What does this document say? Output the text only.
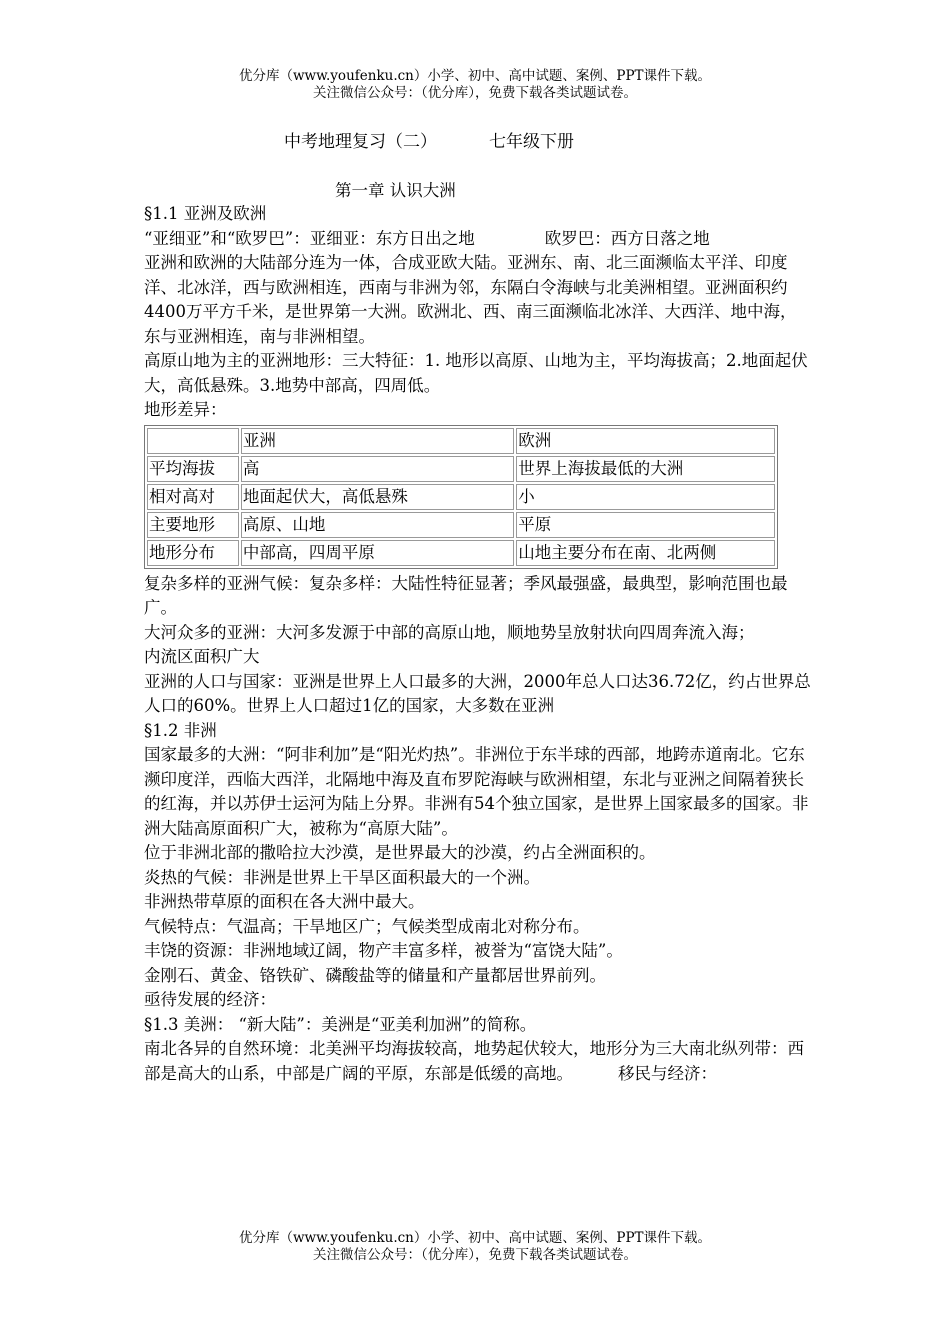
优分库（www.youfenku.cn）小学、初中、高中试题、案例、PPT课件下载。
关注微信公众号：（优分库），免费下载各类试题试卷。
中考地理复习（二）	七年级下册
第一章 认识大洲

§1.1 亚洲及欧洲

“亚细亚”和“欧罗巴”：亚细亚：东方日出之地	欧罗巴：西方日落之地

亚洲和欧洲的大陆部分连为一体，合成亚欧大陆。亚洲东、南、北三面濒临太平洋、印度洋、北冰洋，西与欧洲相连，西南与非洲为邻，东隔白令海峡与北美洲相望。亚洲面积约4400万平方千米，是世界第一大洲。欧洲北、西、南三面濒临北冰洋、大西洋、地中海，东与亚洲相连，南与非洲相望。

高原山地为主的亚洲地形：三大特征：1. 地形以高原、山地为主，平均海拔高；2.地面起伏大，高低悬殊。3.地势中部高，四周低。

地形差异：

	亚洲	欧洲
平均海拔	高	世界上海拔最低的大洲
相对高对	地面起伏大，高低悬殊	小
主要地形	高原、山地	平原
地形分布	中部高，四周平原	山地主要分布在南、北两侧

复杂多样的亚洲气候：复杂多样：大陆性特征显著；季风最强盛，最典型，影响范围也最广。

大河众多的亚洲：大河多发源于中部的高原山地，顺地势呈放射状向四周奔流入海；

内流区面积广大

亚洲的人口与国家：亚洲是世界上人口最多的大洲，2000年总人口达36.72亿，约占世界总人口的60%。世界上人口超过1亿的国家，大多数在亚洲

§1.2 非洲

国家最多的大洲：“阿非利加”是“阳光灼热”。非洲位于东半球的西部，地跨赤道南北。它东濒印度洋，西临大西洋，北隔地中海及直布罗陀海峡与欧洲相望，东北与亚洲之间隔着狭长的红海，并以苏伊士运河为陆上分界。非洲有54个独立国家，是世界上国家最多的国家。非洲大陆高原面积广大，被称为“高原大陆”。

位于非洲北部的撒哈拉大沙漠，是世界最大的沙漠，约占全洲面积的。

炎热的气候：非洲是世界上干旱区面积最大的一个洲。

非洲热带草原的面积在各大洲中最大。

气候特点：气温高；干旱地区广；气候类型成南北对称分布。

丰饶的资源：非洲地域辽阔，物产丰富多样，被誉为“富饶大陆”。

金刚石、黄金、铬铁矿、磷酸盐等的储量和产量都居世界前列。

亟待发展的经济：

§1.3 美洲： “新大陆”：美洲是“亚美利加洲”的简称。

南北各异的自然环境：北美洲平均海拔较高，地势起伏较大，地形分为三大南北纵列带：西部是高大的山系，中部是广阔的平原，东部是低缓的高地。	移民与经济：

优分库（www.youfenku.cn）小学、初中、高中试题、案例、PPT课件下载。
关注微信公众号：（优分库），免费下载各类试题试卷。
